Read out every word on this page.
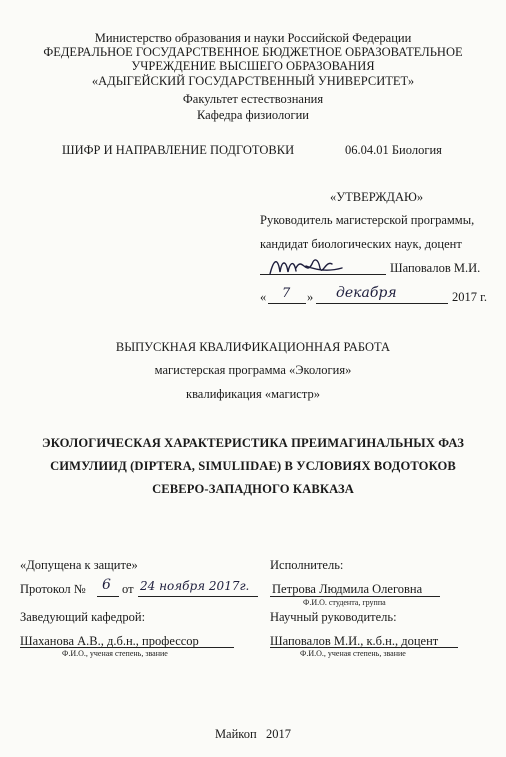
Министерство образования и науки Российской Федерации
ФЕДЕРАЛЬНОЕ ГОСУДАРСТВЕННОЕ БЮДЖЕТНОЕ ОБРАЗОВАТЕЛЬНОЕ
УЧРЕЖДЕНИЕ ВЫСШЕГО ОБРАЗОВАНИЯ
«АДЫГЕЙСКИЙ ГОСУДАРСТВЕННЫЙ УНИВЕРСИТЕТ»
Факультет естествознания
Кафедра физиологии
ШИФР И НАПРАВЛЕНИЕ ПОДГОТОВКИ	06.04.01 Биология
«УТВЕРЖДАЮ»
Руководитель магистерской программы,
кандидат биологических наук, доцент
Шаповалов М.И.
« 7 » декабря	2017 г.
ВЫПУСКНАЯ КВАЛИФИКАЦИОННАЯ РАБОТА
магистерская программа «Экология»
квалификация «магистр»
ЭКОЛОГИЧЕСКАЯ ХАРАКТЕРИСТИКА ПРЕИМАГИНАЛЬНЫХ ФАЗ
СИМУЛИИД (DIPTERA, SIMULIIDAE) В УСЛОВИЯХ ВОДОТОКОВ
СЕВЕРО-ЗАПАДНОГО КАВКАЗА
«Допущена к защите»
Протокол № 6 от 24 ноября 2017г.
Заведующий кафедрой:
Шаханова А.В., д.б.н., профессор
Ф.И.О., ученая степень, звание
Исполнитель:
Петрова Людмила Олеговна
Ф.И.О. студента, группа
Научный руководитель:
Шаповалов М.И., к.б.н., доцент
Ф.И.О., ученая степень, звание
Майкоп   2017
